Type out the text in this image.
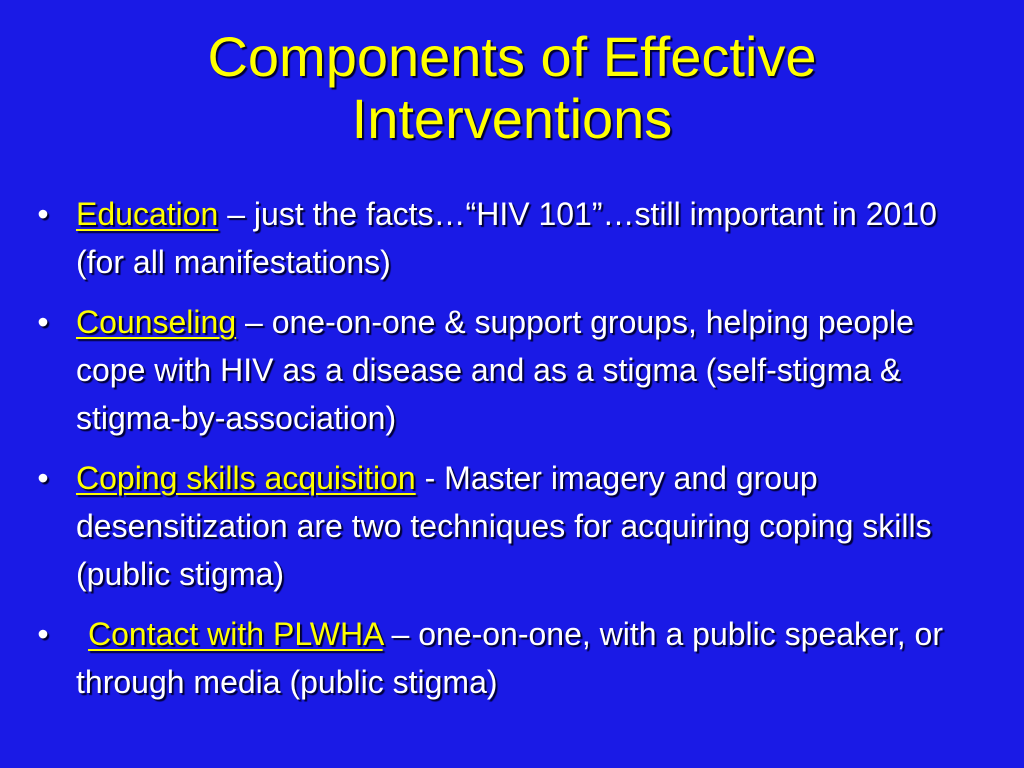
Components of Effective
Interventions
• Education – just the facts…“HIV 101”…still important in 2010 (for all manifestations)
• Counseling – one-on-one & support groups, helping people cope with HIV as a disease and as a stigma (self-stigma & stigma-by-association)
• Coping skills acquisition - Master imagery and group desensitization are two techniques for acquiring coping skills (public stigma)
• Contact with PLWHA – one-on-one, with a public speaker, or through media (public stigma)
